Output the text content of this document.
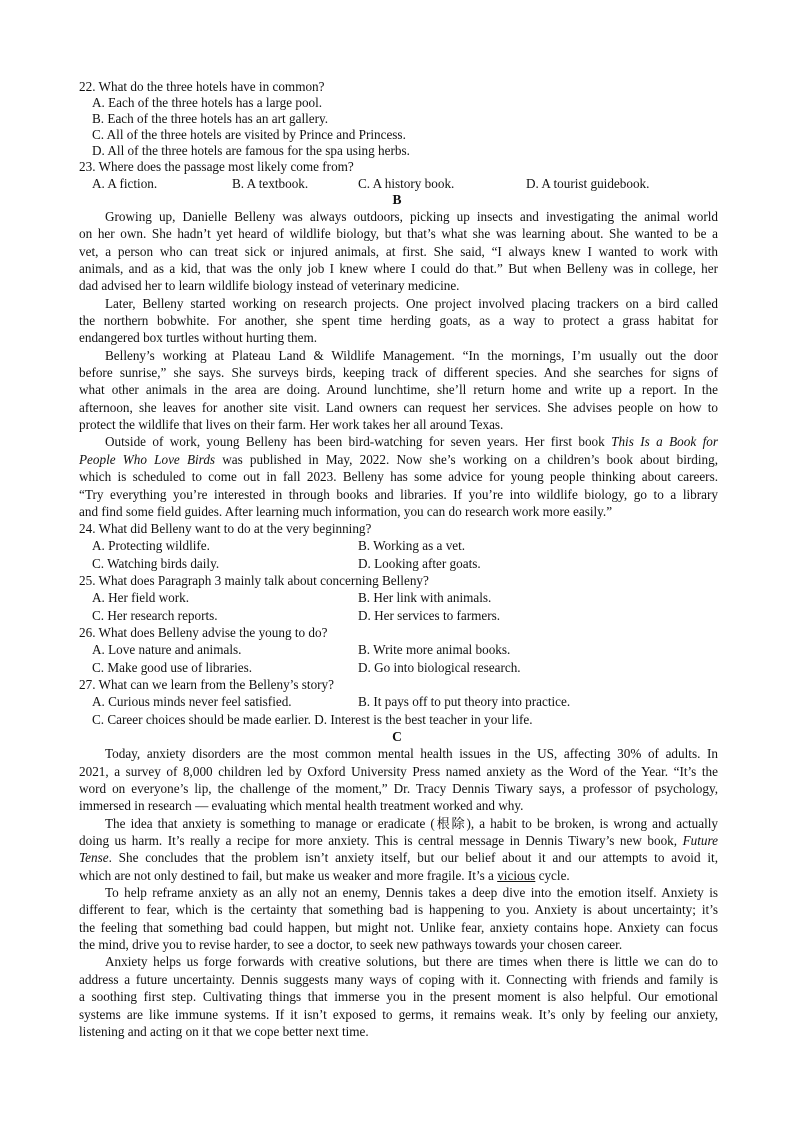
22. What do the three hotels have in common?
A. Each of the three hotels has a large pool.
B. Each of the three hotels has an art gallery.
C. All of the three hotels are visited by Prince and Princess.
D. All of the three hotels are famous for the spa using herbs.
23. Where does the passage most likely come from?
A. A fiction.	B. A textbook.	C. A history book.	D. A tourist guidebook.
B
Growing up, Danielle Belleny was always outdoors, picking up insects and investigating the animal world
on her own. She hadn’t yet heard of wildlife biology, but that’s what she was learning about. She wanted to be a
vet, a person who can treat sick or injured animals, at first. She said, “I always knew I wanted to work with
animals, and as a kid, that was the only job I knew where I could do that.” But when Belleny was in college, her
dad advised her to learn wildlife biology instead of veterinary medicine.
Later, Belleny started working on research projects. One project involved placing trackers on a bird called
the northern bobwhite. For another, she spent time herding goats, as a way to protect a grass habitat for
endangered box turtles without hurting them.
Belleny’s working at Plateau Land & Wildlife Management. “In the mornings, I’m usually out the door
before sunrise,” she says. She surveys birds, keeping track of different species. And she searches for signs of
what other animals in the area are doing. Around lunchtime, she’ll return home and write up a report. In the
afternoon, she leaves for another site visit. Land owners can request her services. She advises people on how to
protect the wildlife that lives on their farm. Her work takes her all around Texas.
Outside of work, young Belleny has been bird-watching for seven years. Her first book This Is a Book for
People Who Love Birds was published in May, 2022. Now she’s working on a children’s book about birding,
which is scheduled to come out in fall 2023. Belleny has some advice for young people thinking about careers.
“Try everything you’re interested in through books and libraries. If you’re into wildlife biology, go to a library
and find some field guides. After learning much information, you can do research work more easily.”
24. What did Belleny want to do at the very beginning?
A. Protecting wildlife.	B. Working as a vet.
C. Watching birds daily.	D. Looking after goats.
25. What does Paragraph 3 mainly talk about concerning Belleny?
A. Her field work.	B. Her link with animals.
C. Her research reports.	D. Her services to farmers.
26. What does Belleny advise the young to do?
A. Love nature and animals.	B. Write more animal books.
C. Make good use of libraries.	D. Go into biological research.
27. What can we learn from the Belleny’s story?
A. Curious minds never feel satisfied.	B. It pays off to put theory into practice.
C. Career choices should be made earlier. D. Interest is the best teacher in your life.
C
Today, anxiety disorders are the most common mental health issues in the US, affecting 30% of adults. In
2021, a survey of 8,000 children led by Oxford University Press named anxiety as the Word of the Year. “It’s the
word on everyone’s lip, the challenge of the moment,” Dr. Tracy Dennis Tiwary says, a professor of psychology,
immersed in research — evaluating which mental health treatment worked and why.
The idea that anxiety is something to manage or eradicate (根除), a habit to be broken, is wrong and actually
doing us harm. It’s really a recipe for more anxiety. This is central message in Dennis Tiwary’s new book, Future
Tense. She concludes that the problem isn’t anxiety itself, but our belief about it and our attempts to avoid it,
which are not only destined to fail, but make us weaker and more fragile. It’s a vicious cycle.
To help reframe anxiety as an ally not an enemy, Dennis takes a deep dive into the emotion itself. Anxiety is
different to fear, which is the certainty that something bad is happening to you. Anxiety is about uncertainty; it’s
the feeling that something bad could happen, but might not. Unlike fear, anxiety contains hope. Anxiety can focus
the mind, drive you to revise harder, to see a doctor, to seek new pathways towards your chosen career.
Anxiety helps us forge forwards with creative solutions, but there are times when there is little we can do to
address a future uncertainty. Dennis suggests many ways of coping with it. Connecting with friends and family is
a soothing first step. Cultivating things that immerse you in the present moment is also helpful. Our emotional
systems are like immune systems. If it isn’t exposed to germs, it remains weak. It’s only by feeling our anxiety,
listening and acting on it that we cope better next time.
